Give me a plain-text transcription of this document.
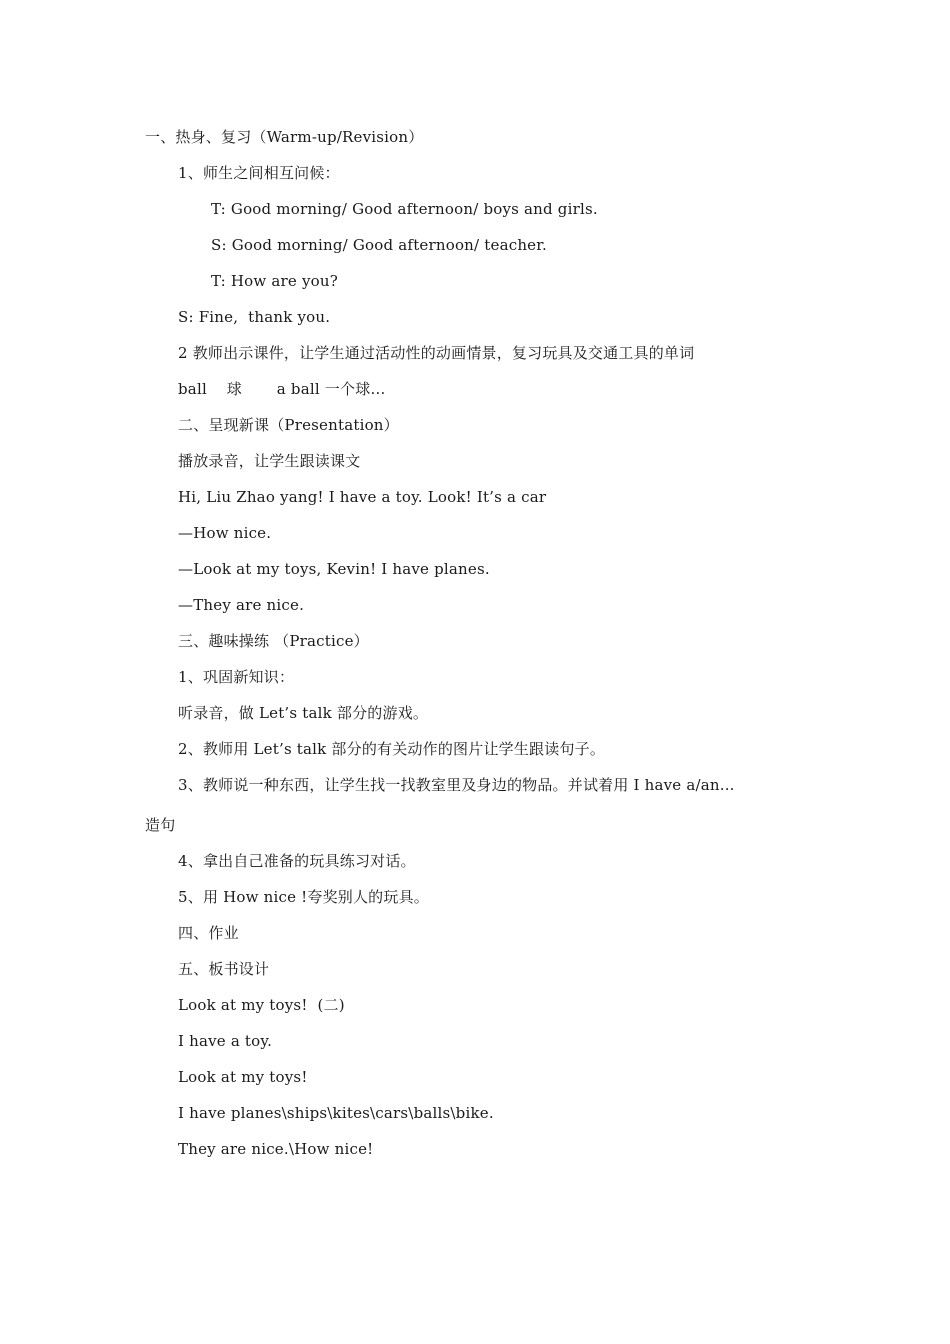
一、热身、复习（Warm-up/Revision）
1、师生之间相互问候：
T: Good morning/ Good afternoon/ boys and girls.
S: Good morning/ Good afternoon/ teacher.
T: How are you?
S: Fine,  thank you.
2 教师出示课件，让学生通过活动性的动画情景，复习玩具及交通工具的单词
ball    球       a ball 一个球…
二、呈现新课（Presentation）
播放录音，让学生跟读课文
Hi, Liu Zhao yang! I have a toy. Look! It’s a car
—How nice.
—Look at my toys, Kevin! I have planes.
—They are nice.
三、趣味操练 （Practice）
1、巩固新知识：
听录音，做 Let’s talk 部分的游戏。
2、教师用 Let’s talk 部分的有关动作的图片让学生跟读句子。
3、教师说一种东西，让学生找一找教室里及身边的物品。并试着用 I have a/an...
造句
4、拿出自己准备的玩具练习对话。
5、用 How nice !夸奖别人的玩具。
四、作业
五、板书设计
Look at my toys!  (二)
I have a toy.
Look at my toys!
I have planes\ships\kites\cars\balls\bike.
They are nice.\How nice!
